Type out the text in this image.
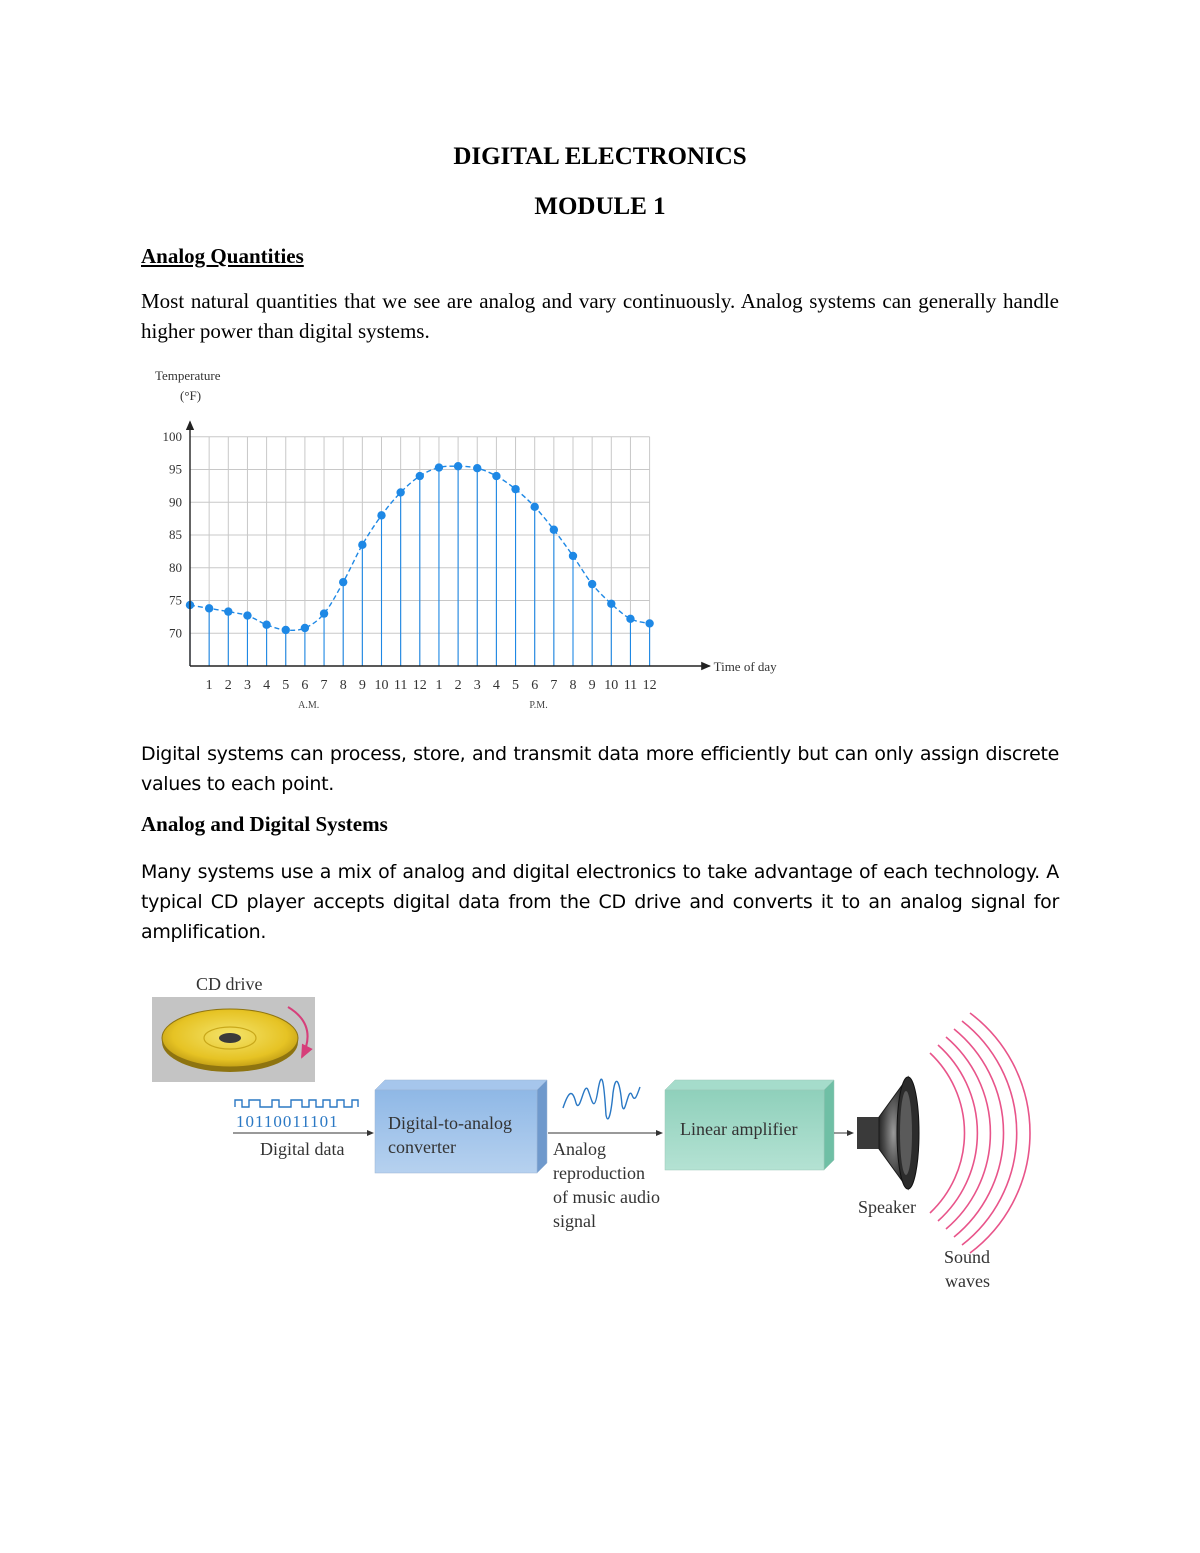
DIGITAL ELECTRONICS
MODULE 1
Analog Quantities
Most natural quantities that we see are analog and vary continuously. Analog systems can generally handle higher power than digital systems.
Temperature
(°F)
70
75
80
85
90
95
100
1 2 3 4 5 6 7 8 9 10 11 12 1 2 3 4 5 6 7 8 9 10 11 12
A.M.	P.M.
Time of day
Digital systems can process, store, and transmit data more efficiently but can only assign discrete values to each point.
Analog and Digital Systems
Many systems use a mix of analog and digital electronics to take advantage of each technology. A typical CD player accepts digital data from the CD drive and converts it to an analog signal for amplification.
CD drive
10110011101
Digital data
Digital-to-analog
converter	Analog
reproduction
of music audio
signal
Linear amplifier
Speaker
Sound
waves
